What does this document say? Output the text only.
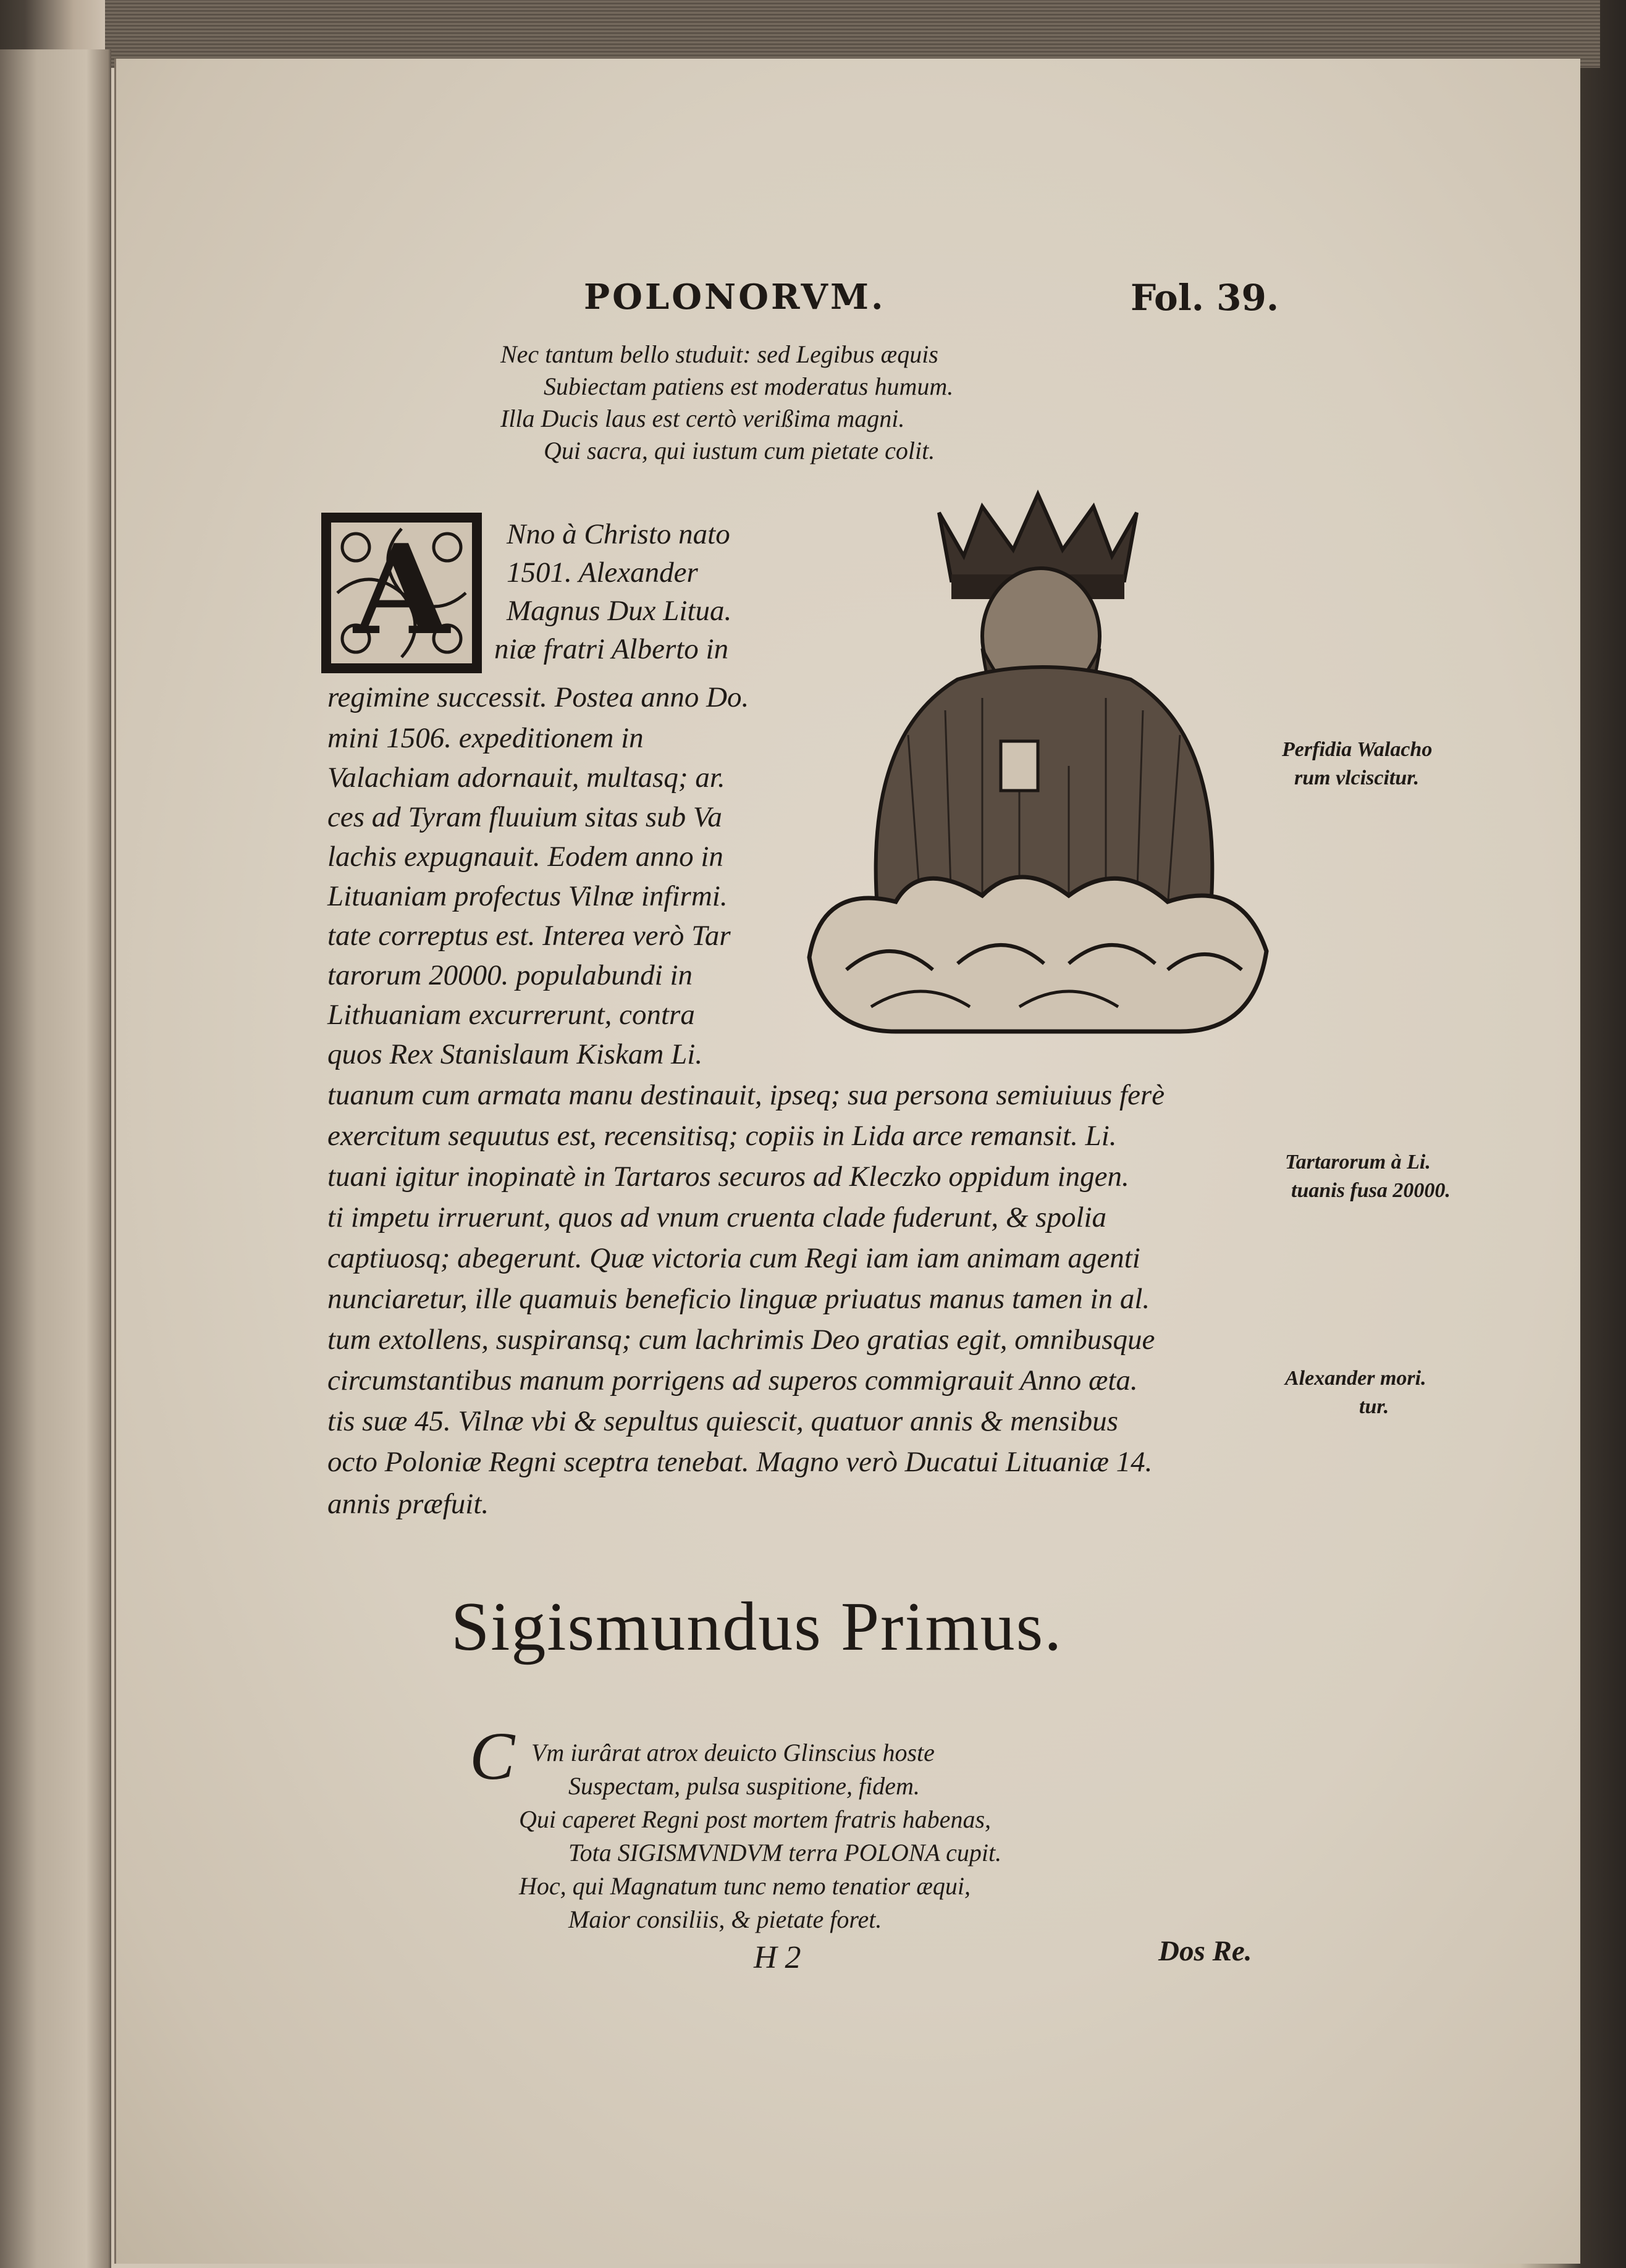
POLONORVM.	Fol. 39.
Nec tantum bello studuit: sed Legibus æquis
Subiectam patiens est moderatus humum.
Illa Ducis laus est certò verißima magni.
Qui sacra, qui iustum cum pietate colit.
A	Nno à Christo nato
1501. Alexander
Magnus Dux Litua.
niæ fratri Alberto in
regimine successit. Postea anno Do.
mini 1506. expeditionem in
Valachiam adornauit, multasq; ar.
ces ad Tyram fluuium sitas sub Va
lachis expugnauit. Eodem anno in
Lituaniam profectus Vilnæ infirmi.
tate correptus est. Interea verò Tar
tarorum 20000. populabundi in
Lithuaniam excurrerunt, contra
quos Rex Stanislaum Kiskam Li.
tuanum cum armata manu destinauit, ipseq; sua persona semiuiuus ferè
exercitum sequutus est, recensitisq; copiis in Lida arce remansit. Li.
tuani igitur inopinatè in Tartaros securos ad Kleczko oppidum ingen.
ti impetu irruerunt, quos ad vnum cruenta clade fuderunt, & spolia
captiuosq; abegerunt. Quæ victoria cum Regi iam iam animam agenti
nunciaretur, ille quamuis beneficio linguæ priuatus manus tamen in al.
tum extollens, suspiransq; cum lachrimis Deo gratias egit, omnibusque
circumstantibus manum porrigens ad superos commigrauit Anno æta.
tis suæ 45. Vilnæ vbi & sepultus quiescit, quatuor annis & mensibus
octo Poloniæ Regni sceptra tenebat. Magno verò Ducatui Lituaniæ 14.
annis præfuit.
Perfidia Walacho
rum vlciscitur.
Tartarorum à Li.
tuanis fusa 20000.
Alexander mori.
tur.
Sigismundus Primus.
C Vm iurârat atrox deuicto Glinscius hoste
Suspectam, pulsa suspitione, fidem.
Qui caperet Regni post mortem fratris habenas,
Tota SIGISMVNDVM terra POLONA cupit.
Hoc, qui Magnatum tunc nemo tenatior æqui,
Maior consiliis, & pietate foret.
H 2	Dos Re.
